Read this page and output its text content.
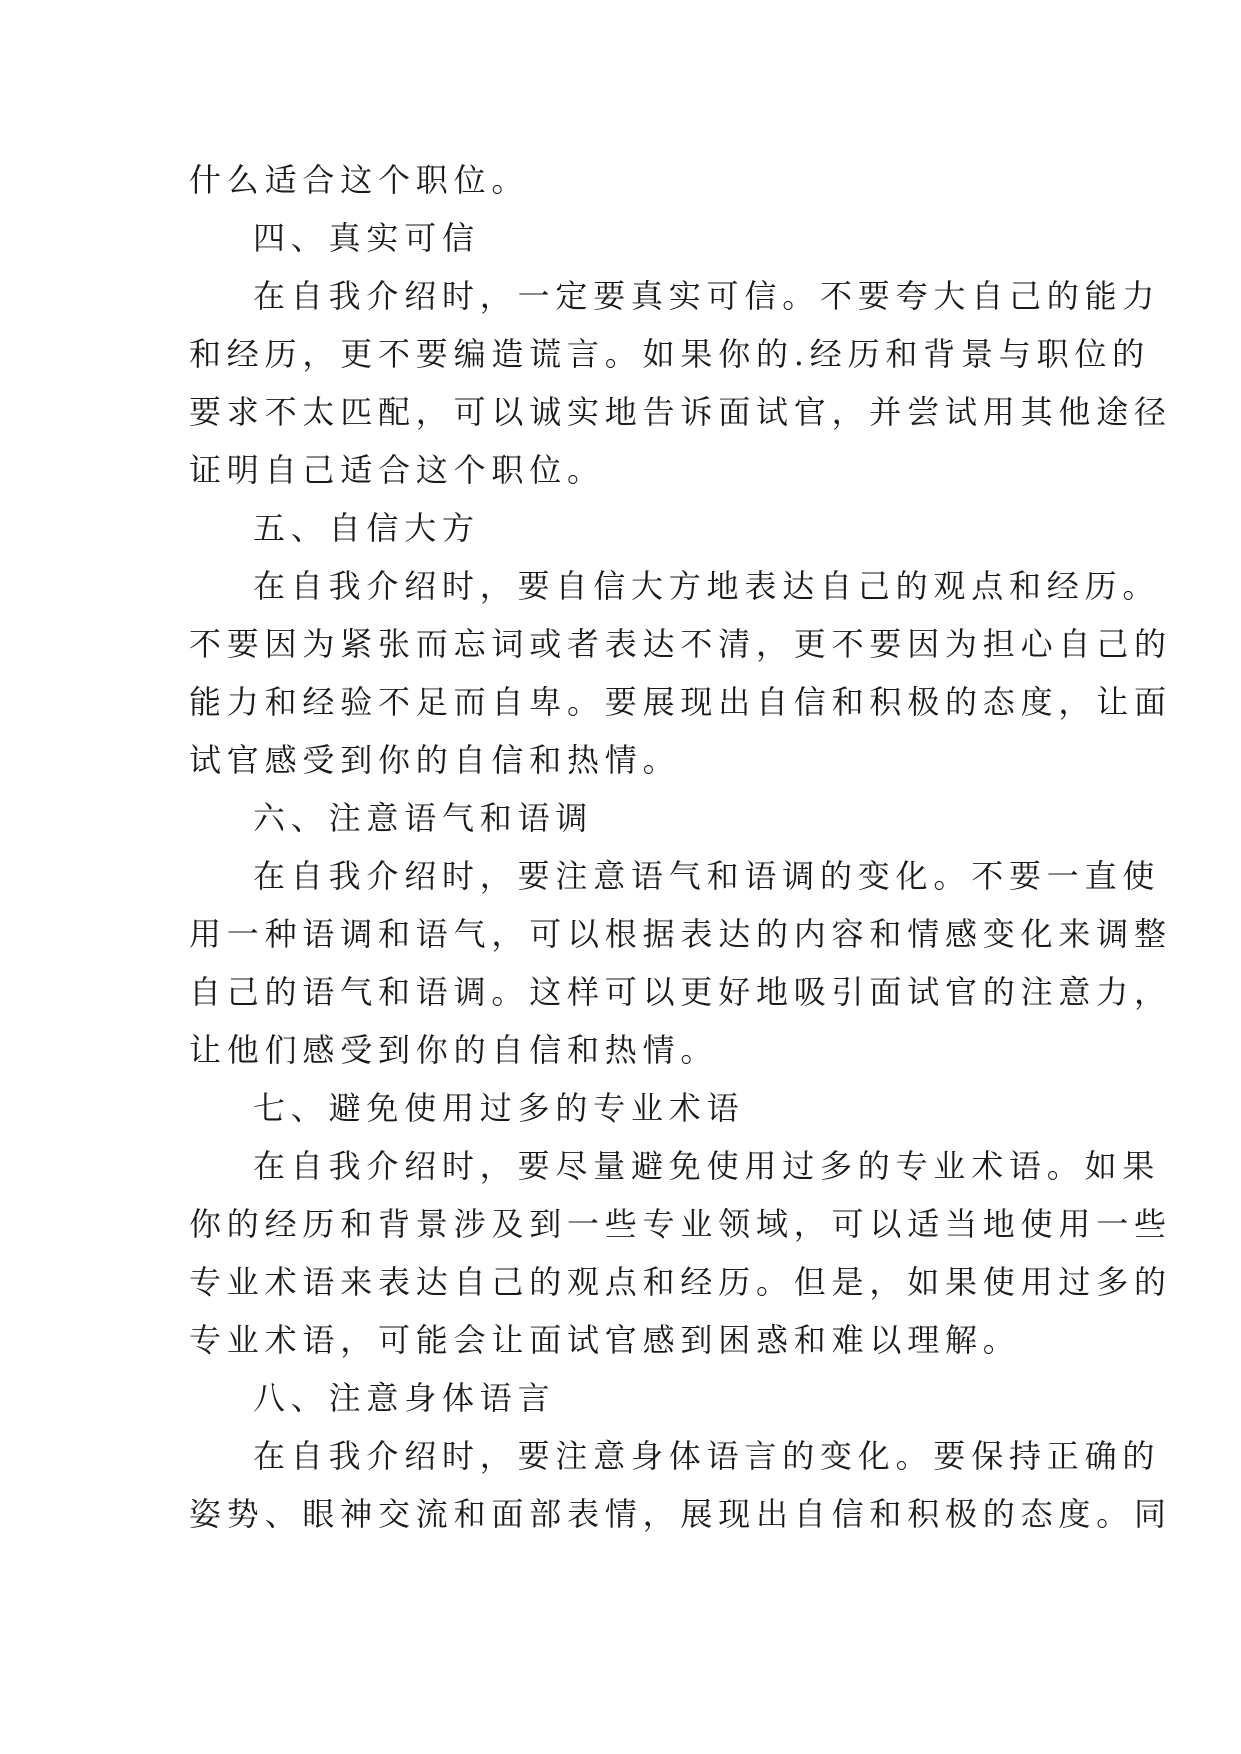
什么适合这个职位。
四、真实可信
在自我介绍时，一定要真实可信。不要夸大自己的能力
和经历，更不要编造谎言。如果你的.经历和背景与职位的
要求不太匹配，可以诚实地告诉面试官，并尝试用其他途径
证明自己适合这个职位。
五、自信大方
在自我介绍时，要自信大方地表达自己的观点和经历。
不要因为紧张而忘词或者表达不清，更不要因为担心自己的
能力和经验不足而自卑。要展现出自信和积极的态度，让面
试官感受到你的自信和热情。
六、注意语气和语调
在自我介绍时，要注意语气和语调的变化。不要一直使
用一种语调和语气，可以根据表达的内容和情感变化来调整
自己的语气和语调。这样可以更好地吸引面试官的注意力，
让他们感受到你的自信和热情。
七、避免使用过多的专业术语
在自我介绍时，要尽量避免使用过多的专业术语。如果
你的经历和背景涉及到一些专业领域，可以适当地使用一些
专业术语来表达自己的观点和经历。但是，如果使用过多的
专业术语，可能会让面试官感到困惑和难以理解。
八、注意身体语言
在自我介绍时，要注意身体语言的变化。要保持正确的
姿势、眼神交流和面部表情，展现出自信和积极的态度。同
